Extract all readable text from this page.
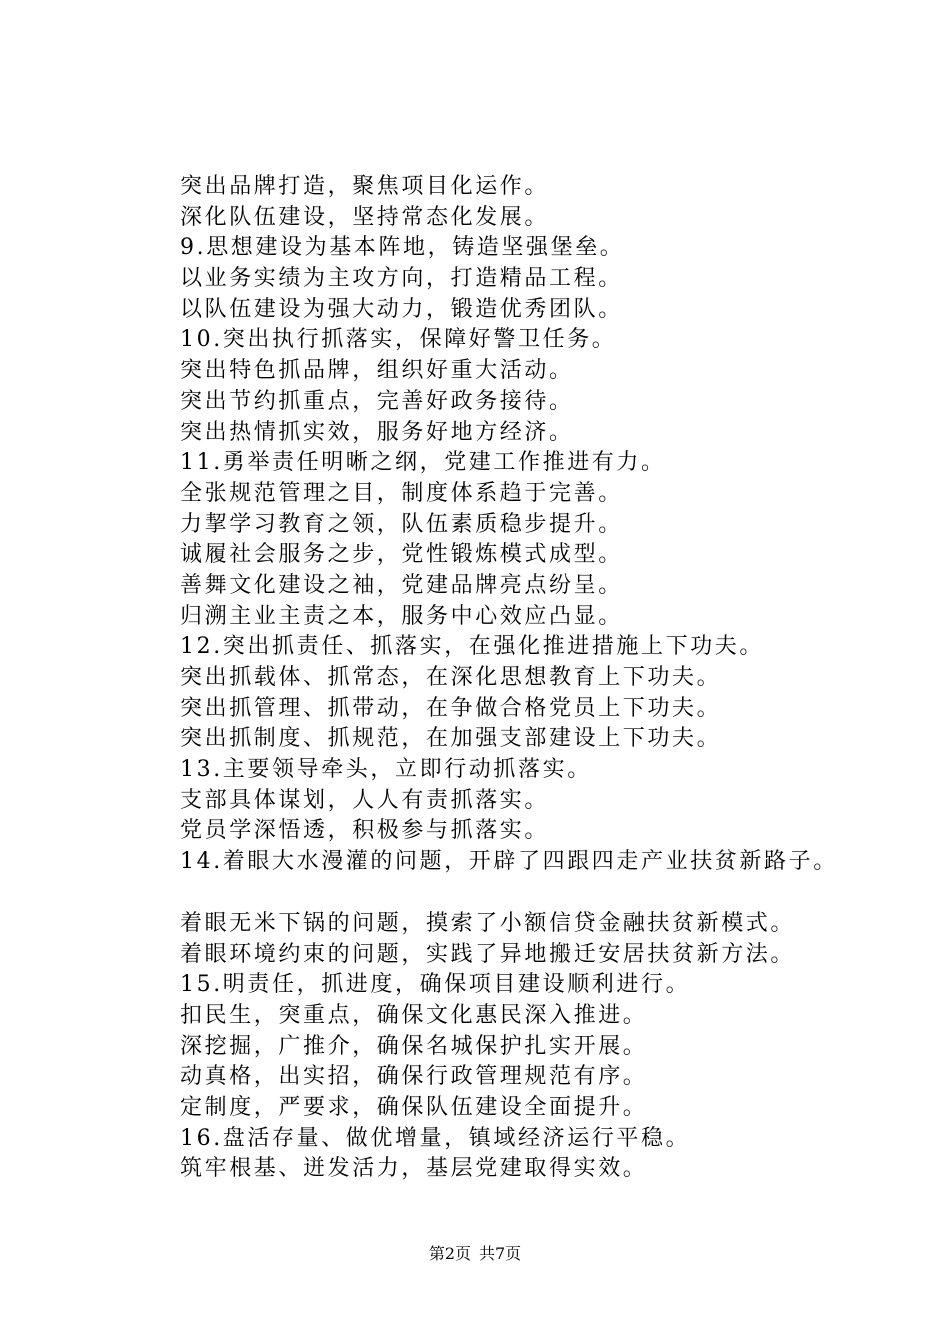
突出品牌打造，聚焦项目化运作。
深化队伍建设，坚持常态化发展。
9.思想建设为基本阵地，铸造坚强堡垒。
以业务实绩为主攻方向，打造精品工程。
以队伍建设为强大动力，锻造优秀团队。
10.突出执行抓落实，保障好警卫任务。
突出特色抓品牌，组织好重大活动。
突出节约抓重点，完善好政务接待。
突出热情抓实效，服务好地方经济。
11.勇举责任明晰之纲，党建工作推进有力。
全张规范管理之目，制度体系趋于完善。
力挈学习教育之领，队伍素质稳步提升。
诚履社会服务之步，党性锻炼模式成型。
善舞文化建设之袖，党建品牌亮点纷呈。
归溯主业主责之本，服务中心效应凸显。
12.突出抓责任、抓落实，在强化推进措施上下功夫。
突出抓载体、抓常态，在深化思想教育上下功夫。
突出抓管理、抓带动，在争做合格党员上下功夫。
突出抓制度、抓规范，在加强支部建设上下功夫。
13.主要领导牵头，立即行动抓落实。
支部具体谋划，人人有责抓落实。
党员学深悟透，积极参与抓落实。
14.着眼大水漫灌的问题，开辟了四跟四走产业扶贫新路子。
着眼无米下锅的问题，摸索了小额信贷金融扶贫新模式。
着眼环境约束的问题，实践了异地搬迁安居扶贫新方法。
15.明责任，抓进度，确保项目建设顺利进行。
扣民生，突重点，确保文化惠民深入推进。
深挖掘，广推介，确保名城保护扎实开展。
动真格，出实招，确保行政管理规范有序。
定制度，严要求，确保队伍建设全面提升。
16.盘活存量、做优增量，镇域经济运行平稳。
筑牢根基、迸发活力，基层党建取得实效。
第2页 共7页
